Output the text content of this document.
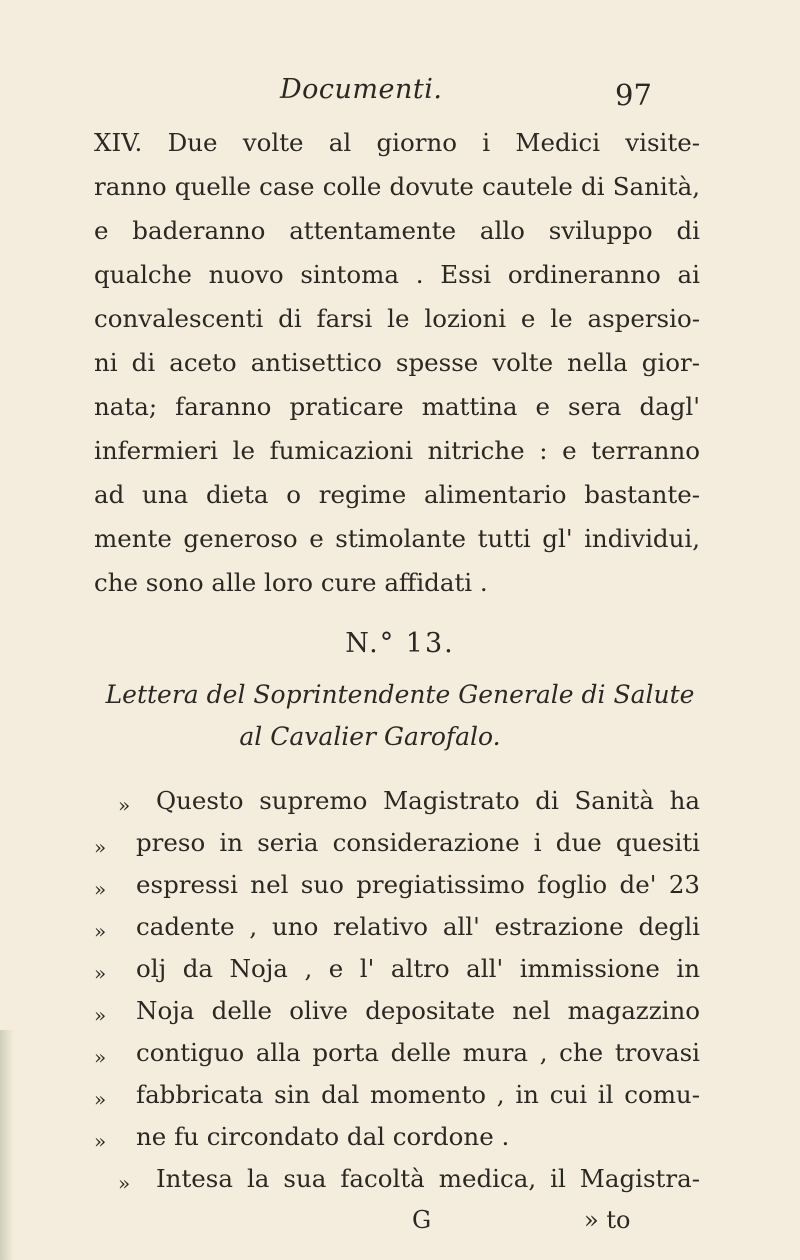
Documenti.	97
XIV. Due volte al giorno i Medici visite-
ranno quelle case colle dovute cautele di Sanità,
e baderanno attentamente allo sviluppo di
qualche nuovo sintoma . Essi ordineranno ai
convalescenti di farsi le lozioni e le aspersio-
ni di aceto antisettico spesse volte nella gior-
nata; faranno praticare mattina e sera dagl'
infermieri le fumicazioni nitriche : e terranno
ad una dieta o regime alimentario bastante-
mente generoso e stimolante tutti gl' individui,
che sono alle loro cure affidati .
N.° 13.
Lettera del Soprintendente Generale di Salute
al Cavalier Garofalo.
» Questo supremo Magistrato di Sanità ha
» preso in seria considerazione i due quesiti
» espressi nel suo pregiatissimo foglio de' 23
» cadente , uno relativo all' estrazione degli
» olj da Noja , e l' altro all' immissione in
» Noja delle olive depositate nel magazzino
» contiguo alla porta delle mura , che trovasi
» fabbricata sin dal momento , in cui il comu-
» ne fu circondato dal cordone .
» Intesa la sua facoltà medica, il Magistra-
G	» to
